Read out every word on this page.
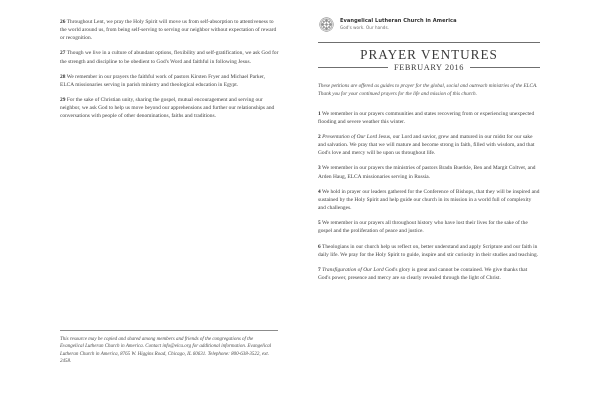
26 Throughout Lent, we pray the Holy Spirit will move us from self-absorption to attentiveness to the world around us, from being self-serving to serving our neighbor without expectation of reward or recognition.

27 Though we live in a culture of abundant options, flexibility and self-gratification, we ask God for the strength and discipline to be obedient to God's Word and faithful in following Jesus.

28 We remember in our prayers the faithful work of pastors Kirsten Fryer and Michael Parker, ELCA missionaries serving in parish ministry and theological education in Egypt.

29 For the sake of Christian unity, sharing the gospel, mutual encouragement and serving our neighbor, we ask God to help us move beyond our apprehensions and further our relationships and conversations with people of other denominations, faiths and traditions.

This resource may be copied and shared among members and friends of the congregations of the Evangelical Lutheran Church in America. Contact info@elca.org for additional information. Evangelical Lutheran Church in America, 8765 W. Higgins Road, Chicago, IL 60631. Telephone: 800-638-3522, ext. 2458.

Evangelical Lutheran Church in America
God's work. Our hands.
PRAYER VENTURES
FEBRUARY 2016

These petitions are offered as guides to prayer for the global, social and outreach ministries of the ELCA. Thank you for your continued prayers for the life and mission of this church.

1 We remember in our prayers communities and states recovering from or experiencing unexpected flooding and severe weather this winter.

2 Presentation of Our Lord Jesus, our Lord and savior, grew and matured in our midst for our sake and salvation. We pray that we will mature and become strong in faith, filled with wisdom, and that God's love and mercy will be upon us throughout life.

3 We remember in our prayers the ministries of pastors Bradn Buerkle, Ben and Margit Coltvet, and Arden Haug, ELCA missionaries serving in Russia.

4 We hold in prayer our leaders gathered for the Conference of Bishops, that they will be inspired and sustained by the Holy Spirit and help guide our church in its mission in a world full of complexity and challenges.

5 We remember in our prayers all throughout history who have lost their lives for the sake of the gospel and the proliferation of peace and justice.

6 Theologians in our church help us reflect on, better understand and apply Scripture and our faith in daily life. We pray for the Holy Spirit to guide, inspire and stir curiosity in their studies and teaching.

7 Transfiguration of Our Lord God's glory is great and cannot be contained. We give thanks that God's power, presence and mercy are so clearly revealed through the light of Christ.
